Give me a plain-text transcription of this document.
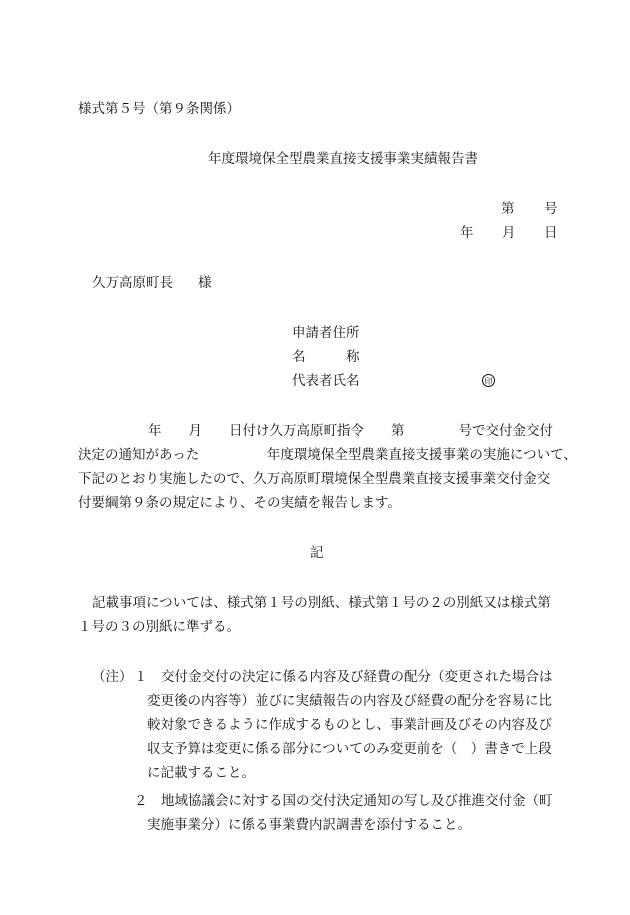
様式第５号（第９条関係）
年度環境保全型農業直接支援事業実績報告書
第 号
年 月 日
久万高原町長 様
申請者住所
名　　　称
代表者氏名	印
年　　月　　日付け久万高原町指令　　第　　　　号で交付金交付
決定の通知があった　　　　　年度環境保全型農業直接支援事業の実施について、
下記のとおり実施したので、久万高原町環境保全型農業直接支援事業交付金交
付要綱第９条の規定により、その実績を報告します。
記
記載事項については、様式第１号の別紙、様式第１号の２の別紙又は様式第
１号の３の別紙に準ずる。
（注） １ 交付金交付の決定に係る内容及び経費の配分（変更された場合は
変更後の内容等）並びに実績報告の内容及び経費の配分を容易に比
較対象できるように作成するものとし、事業計画及びその内容及び
収支予算は変更に係る部分についてのみ変更前を（　）書きで上段
に記載すること。
２ 地域協議会に対する国の交付決定通知の写し及び推進交付金（町
実施事業分）に係る事業費内訳調書を添付すること。
